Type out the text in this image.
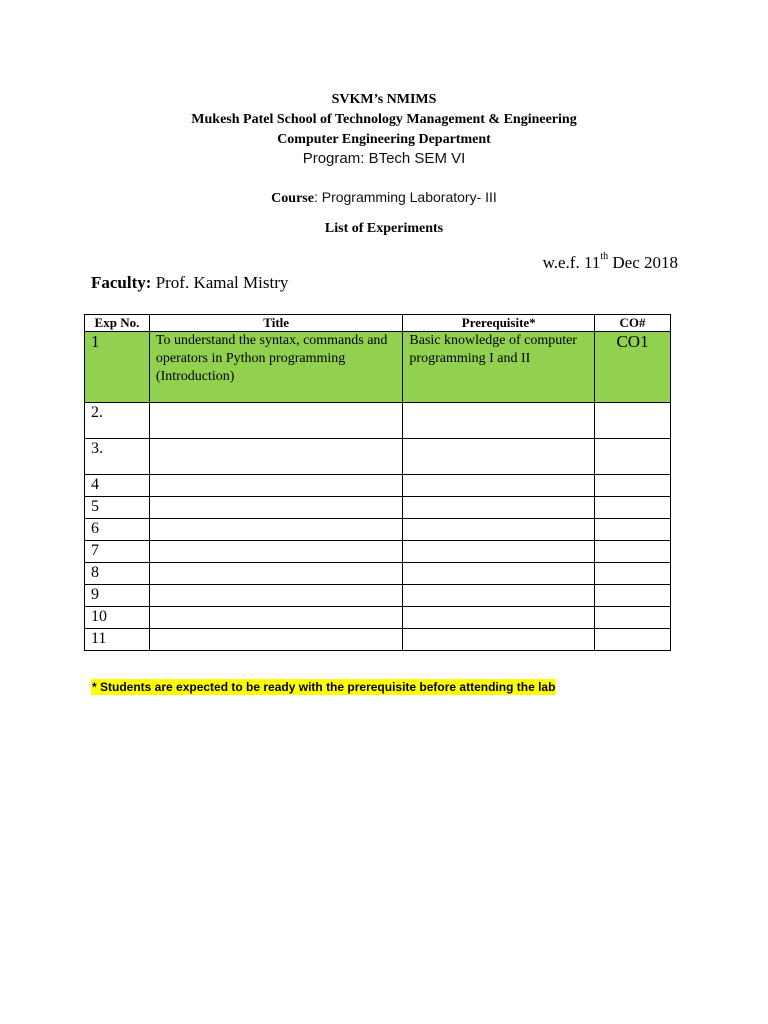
SVKM’s NMIMS
Mukesh Patel School of Technology Management & Engineering
Computer Engineering Department
Program: BTech SEM VI
Course: Programming Laboratory- III
List of Experiments
w.e.f. 11th Dec 2018
Faculty: Prof. Kamal Mistry
Exp No.	Title	Prerequisite*	CO#
1	To understand the syntax, commands and operators in Python programming (Introduction)	Basic knowledge of computer programming I and II	CO1
2.			
3.			
4			
5			
6			
7			
8			
9			
10			
11			
* Students are expected to be ready with the prerequisite before attending the lab
